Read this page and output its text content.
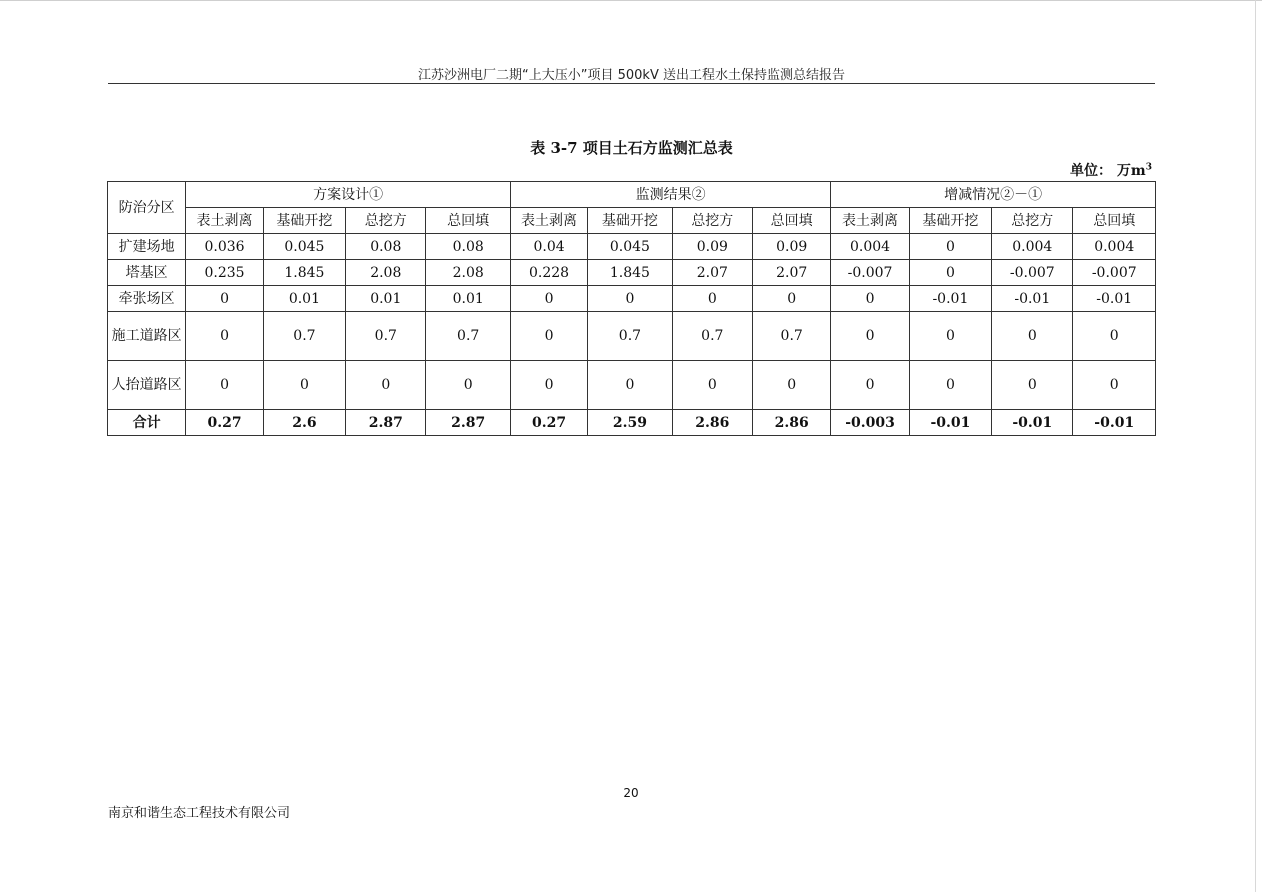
江苏沙洲电厂二期“上大压小”项目 500kV 送出工程水土保持监测总结报告
表 3-7 项目土石方监测汇总表
单位： 万$m^3$
防治分区	方案设计①				监测结果②				增减情况②－①			
	表土剥离	基础开挖	总挖方	总回填	表土剥离	基础开挖	总挖方	总回填	表土剥离	基础开挖	总挖方	总回填
扩建场地	0.036	0.045	0.08	0.08	0.04	0.045	0.09	0.09	0.004	0	0.004	0.004
塔基区	0.235	1.845	2.08	2.08	0.228	1.845	2.07	2.07	-0.007	0	-0.007	-0.007
牵张场区	0	0.01	0.01	0.01	0	0	0	0	0	-0.01	-0.01	-0.01
施工道路区	0	0.7	0.7	0.7	0	0.7	0.7	0.7	0	0	0	0
人抬道路区	0	0	0	0	0	0	0	0	0	0	0	0
合计	0.27	2.6	2.87	2.87	0.27	2.59	2.86	2.86	-0.003	-0.01	-0.01	-0.01
20
南京和谐生态工程技术有限公司
